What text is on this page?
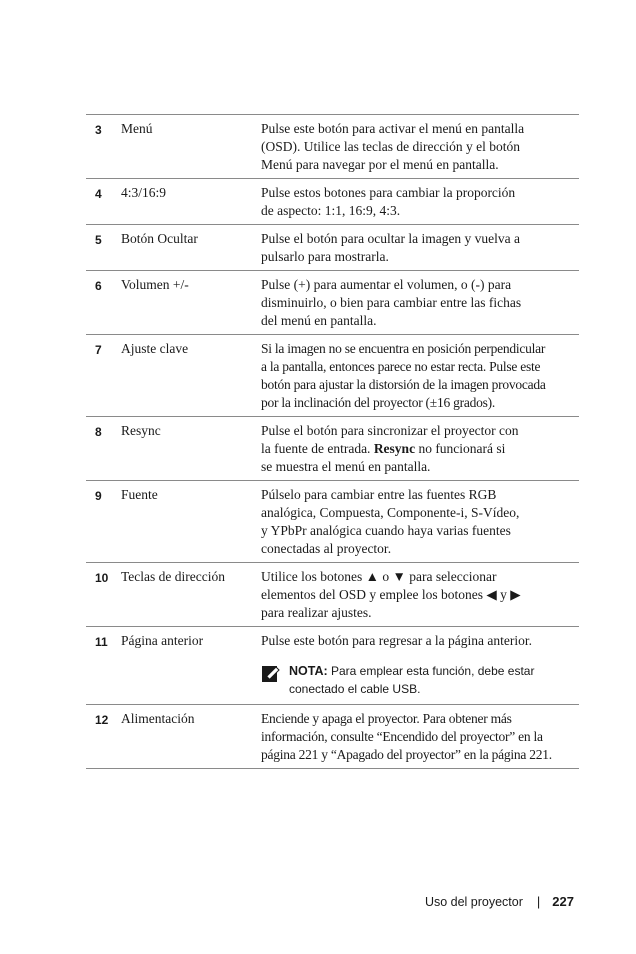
3	Menú	Pulse este botón para activar el menú en pantalla
(OSD). Utilice las teclas de dirección y el botón
Menú para navegar por el menú en pantalla.
4	4:3/16:9	Pulse estos botones para cambiar la proporción
de aspecto: 1:1, 16:9, 4:3.
5	Botón Ocultar	Pulse el botón para ocultar la imagen y vuelva a
pulsarlo para mostrarla.
6	Volumen +/-	Pulse (+) para aumentar el volumen, o (-) para
disminuirlo, o bien para cambiar entre las fichas
del menú en pantalla.
7	Ajuste clave	Si la imagen no se encuentra en posición perpendicular
a la pantalla, entonces parece no estar recta. Pulse este
botón para ajustar la distorsión de la imagen provocada
por la inclinación del proyector (±16 grados).
8	Resync	Pulse el botón para sincronizar el proyector con
la fuente de entrada. Resync no funcionará si
se muestra el menú en pantalla.
9	Fuente	Púlselo para cambiar entre las fuentes RGB
analógica, Compuesta, Componente-i, S-Vídeo,
y YPbPr analógica cuando haya varias fuentes
conectadas al proyector.
10 Teclas de dirección	Utilice los botones ▲ o ▼ para seleccionar
elementos del OSD y emplee los botones ◀ y ▶
para realizar ajustes.
11 Página anterior	Pulse este botón para regresar a la página anterior.
NOTA: Para emplear esta función, debe estar
conectado el cable USB.
12 Alimentación	Enciende y apaga el proyector. Para obtener más
información, consulte “Encendido del proyector” en la
página 221 y “Apagado del proyector” en la página 221.
Uso del proyector | 227
